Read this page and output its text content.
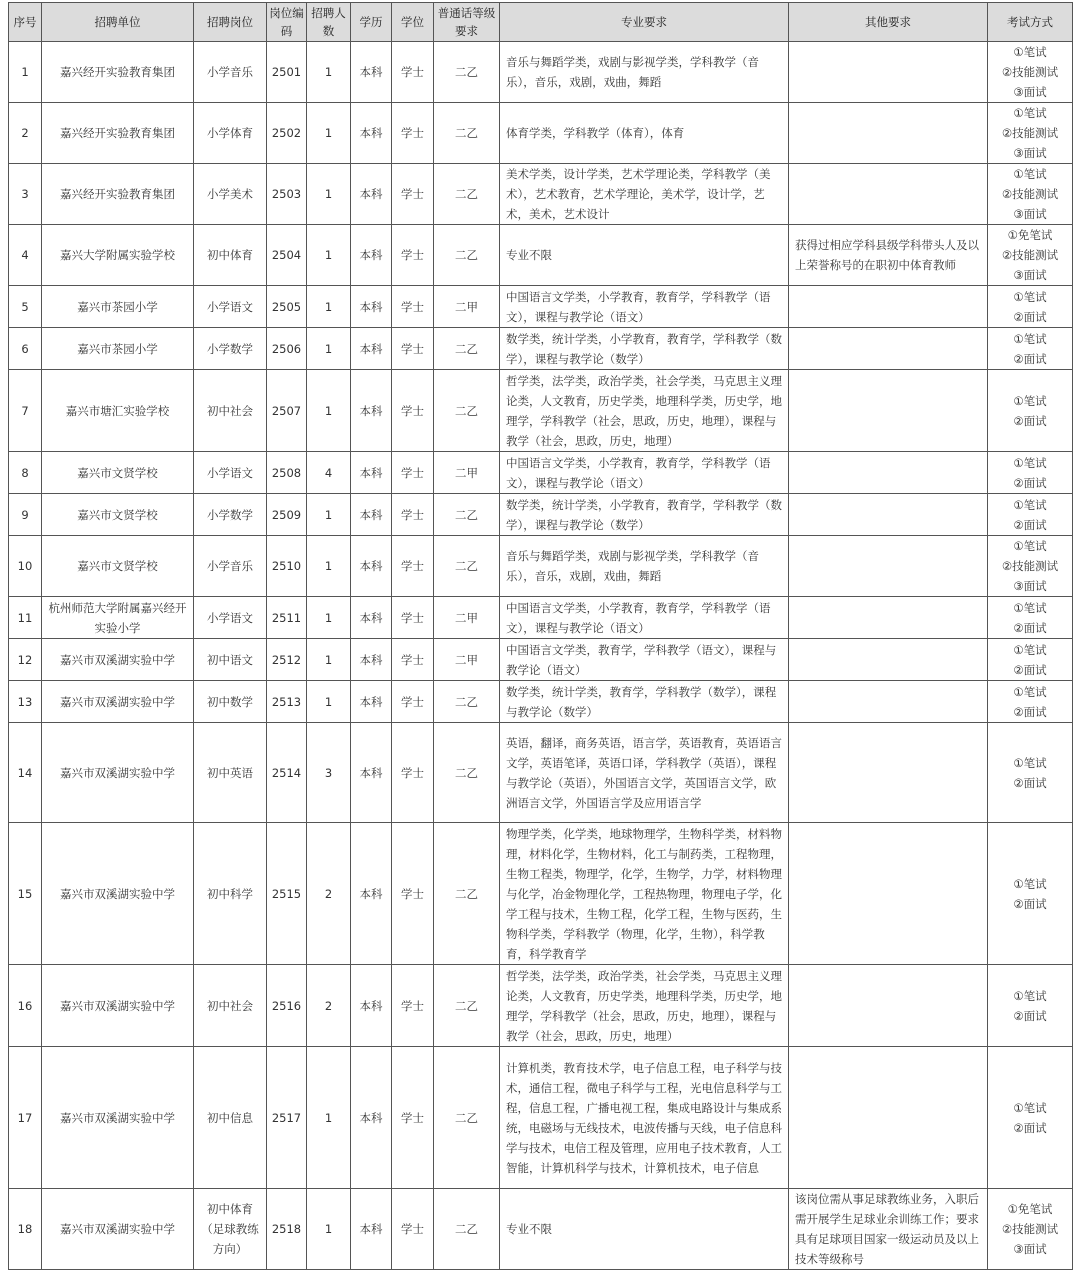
序号	招聘单位	招聘岗位	岗位编码	招聘人数	学历	学位	普通话等级要求	专业要求	其他要求	考试方式
1	嘉兴经开实验教育集团	小学音乐	2501	1	本科	学士	二乙	音乐与舞蹈学类，戏剧与影视学类，学科教学（音乐），音乐，戏剧，戏曲，舞蹈		①笔试
②技能测试
③面试

2	嘉兴经开实验教育集团	小学体育	2502	1	本科	学士	二乙	体育学类，学科教学（体育），体育		①笔试
②技能测试
③面试

3	嘉兴经开实验教育集团	小学美术	2503	1	本科	学士	二乙	美术学类，设计学类，艺术学理论类，学科教学（美术），艺术教育，艺术学理论，美术学，设计学，艺术，美术，艺术设计		①笔试
②技能测试
③面试

4	嘉兴大学附属实验学校	初中体育	2504	1	本科	学士	二乙	专业不限	获得过相应学科县级学科带头人及以上荣誉称号的在职初中体育教师	①免笔试
②技能测试
③面试

5	嘉兴市茶园小学	小学语文	2505	1	本科	学士	二甲	中国语言文学类，小学教育，教育学，学科教学（语文），课程与教学论（语文）		①笔试
②面试

6	嘉兴市茶园小学	小学数学	2506	1	本科	学士	二乙	数学类，统计学类，小学教育，教育学，学科教学（数学），课程与教学论（数学）		①笔试
②面试

7	嘉兴市塘汇实验学校	初中社会	2507	1	本科	学士	二乙	哲学类，法学类，政治学类，社会学类，马克思主义理论类，人文教育，历史学类，地理科学类，历史学，地理学，学科教学（社会，思政，历史，地理），课程与教学（社会，思政，历史，地理）		①笔试
②面试

8	嘉兴市文贤学校	小学语文	2508	4	本科	学士	二甲	中国语言文学类，小学教育，教育学，学科教学（语文），课程与教学论（语文）		①笔试
②面试

9	嘉兴市文贤学校	小学数学	2509	1	本科	学士	二乙	数学类，统计学类，小学教育，教育学，学科教学（数学），课程与教学论（数学）		①笔试
②面试

10	嘉兴市文贤学校	小学音乐	2510	1	本科	学士	二乙	音乐与舞蹈学类，戏剧与影视学类，学科教学（音乐），音乐，戏剧，戏曲，舞蹈		①笔试
②技能测试
③面试

11	杭州师范大学附属嘉兴经开实验小学	小学语文	2511	1	本科	学士	二甲	中国语言文学类，小学教育，教育学，学科教学（语文），课程与教学论（语文）		①笔试
②面试

12	嘉兴市双溪湖实验中学	初中语文	2512	1	本科	学士	二甲	中国语言文学类，教育学，学科教学（语文），课程与教学论（语文）		①笔试
②面试

13	嘉兴市双溪湖实验中学	初中数学	2513	1	本科	学士	二乙	数学类，统计学类，教育学，学科教学（数学），课程与教学论（数学）		①笔试
②面试

14	嘉兴市双溪湖实验中学	初中英语	2514	3	本科	学士	二乙	英语，翻译，商务英语，语言学，英语教育，英语语言文学，英语笔译，英语口译，学科教学（英语），课程与教学论（英语），外国语言文学，英国语言文学，欧洲语言文学，外国语言学及应用语言学		①笔试
②面试

15	嘉兴市双溪湖实验中学	初中科学	2515	2	本科	学士	二乙	物理学类，化学类，地球物理学，生物科学类，材料物理，材料化学，生物材料，化工与制药类，工程物理，生物工程类，物理学，化学，生物学，力学，材料物理与化学，冶金物理化学，工程热物理，物理电子学，化学工程与技术，生物工程，化学工程，生物与医药，生物科学类，学科教学（物理，化学，生物），科学教育，科学教育学		①笔试
②面试

16	嘉兴市双溪湖实验中学	初中社会	2516	2	本科	学士	二乙	哲学类，法学类，政治学类，社会学类，马克思主义理论类，人文教育，历史学类，地理科学类，历史学，地理学，学科教学（社会，思政，历史，地理），课程与教学（社会，思政，历史，地理）		①笔试
②面试

17	嘉兴市双溪湖实验中学	初中信息	2517	1	本科	学士	二乙	计算机类，教育技术学，电子信息工程，电子科学与技术，通信工程，微电子科学与工程，光电信息科学与工程，信息工程，广播电视工程，集成电路设计与集成系统，电磁场与无线技术，电波传播与天线，电子信息科学与技术，电信工程及管理，应用电子技术教育，人工智能，计算机科学与技术，计算机技术，电子信息		①笔试
②面试

18	嘉兴市双溪湖实验中学	初中体育（足球教练方向）	2518	1	本科	学士	二乙	专业不限	该岗位需从事足球教练业务，入职后需开展学生足球业余训练工作；要求具有足球项目国家一级运动员及以上技术等级称号	①免笔试
②技能测试
③面试
